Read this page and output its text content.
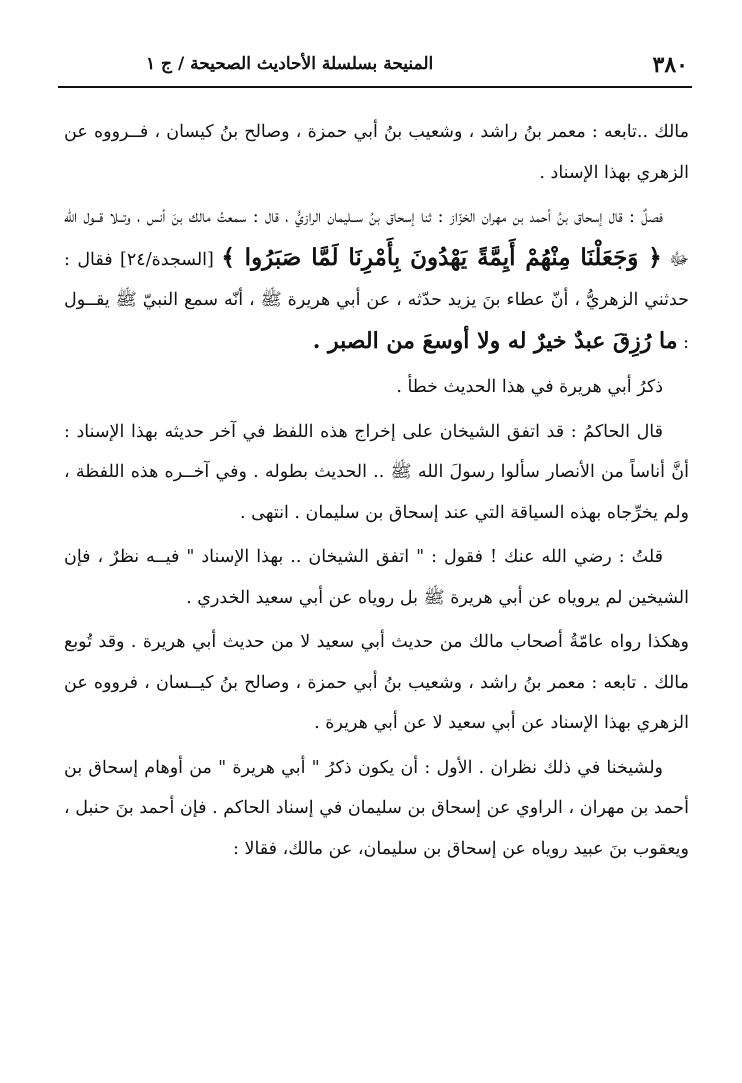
٣٨٠
المنيحة بسلسلة الأحاديث الصحيحة / ج ١

مالك ..تابعه : معمر بنُ راشد ، وشعيب بنُ أبي حمزة ، وصالح بنُ كيسان ، فــرووه عن الزهري بهذا الإسناد .

فصلٌ : قال إسحاق بنُ أحمد بن مهران الخزّاز : ثنا إسحاق بنُ ســليمان الرازيُّ ، قال : سمعتُ مالك بنَ أنس ، وتــلا قــول الله ﷻ ﴿ وَجَعَلْنَا مِنْهُمْ أَيِمَّةً يَهْدُونَ بِأَمْرِنَا لَمَّا صَبَرُوا ﴾ [السجدة/٢٤] فقال : حدثني الزهريُّ ، أنّ عطاء بنَ يزيد حدّثه ، عن أبي هريرة ﷺ ، أنّه سمع النبيّ ﷺ يقــول : ما رُزِقَ عبدٌ خيرٌ له ولا أوسعَ من الصبر .

ذكرُ أبي هريرة في هذا الحديث خطأ .

قال الحاكمُ : قد اتفق الشيخان على إخراج هذه اللفظ في آخر حديثه بهذا الإسناد : أنَّ أناساً من الأنصار سألوا رسولَ الله ﷺ .. الحديث بطوله . وفي آخــره هذه اللفظة ، ولم يخرِّجاه بهذه السياقة التي عند إسحاق بن سليمان . انتهى .

قلتُ : رضي الله عنك ! فقول : " اتفق الشيخان .. بهذا الإسناد " فيــه نظرٌ ، فإن الشيخين لم يروياه عن أبي هريرة ﷺ بل روياه عن أبي سعيد الخدري .

وهكذا رواه عامّةُ أصحاب مالك من حديث أبي سعيد لا من حديث أبي هريرة . وقد تُوبع مالك . تابعه : معمر بنُ راشد ، وشعيب بنُ أبي حمزة ، وصالح بنُ كيــسان ، فرووه عن الزهري بهذا الإسناد عن أبي سعيد لا عن أبي هريرة .

ولشيخنا في ذلك نظران . الأول : أن يكون ذكرُ " أبي هريرة " من أوهام إسحاق بن أحمد بن مهران ، الراوي عن إسحاق بن سليمان في إسناد الحاكم . فإن أحمد بنَ حنبل ، ويعقوب بنَ عبيد روياه عن إسحاق بن سليمان، عن مالك، فقالا :
